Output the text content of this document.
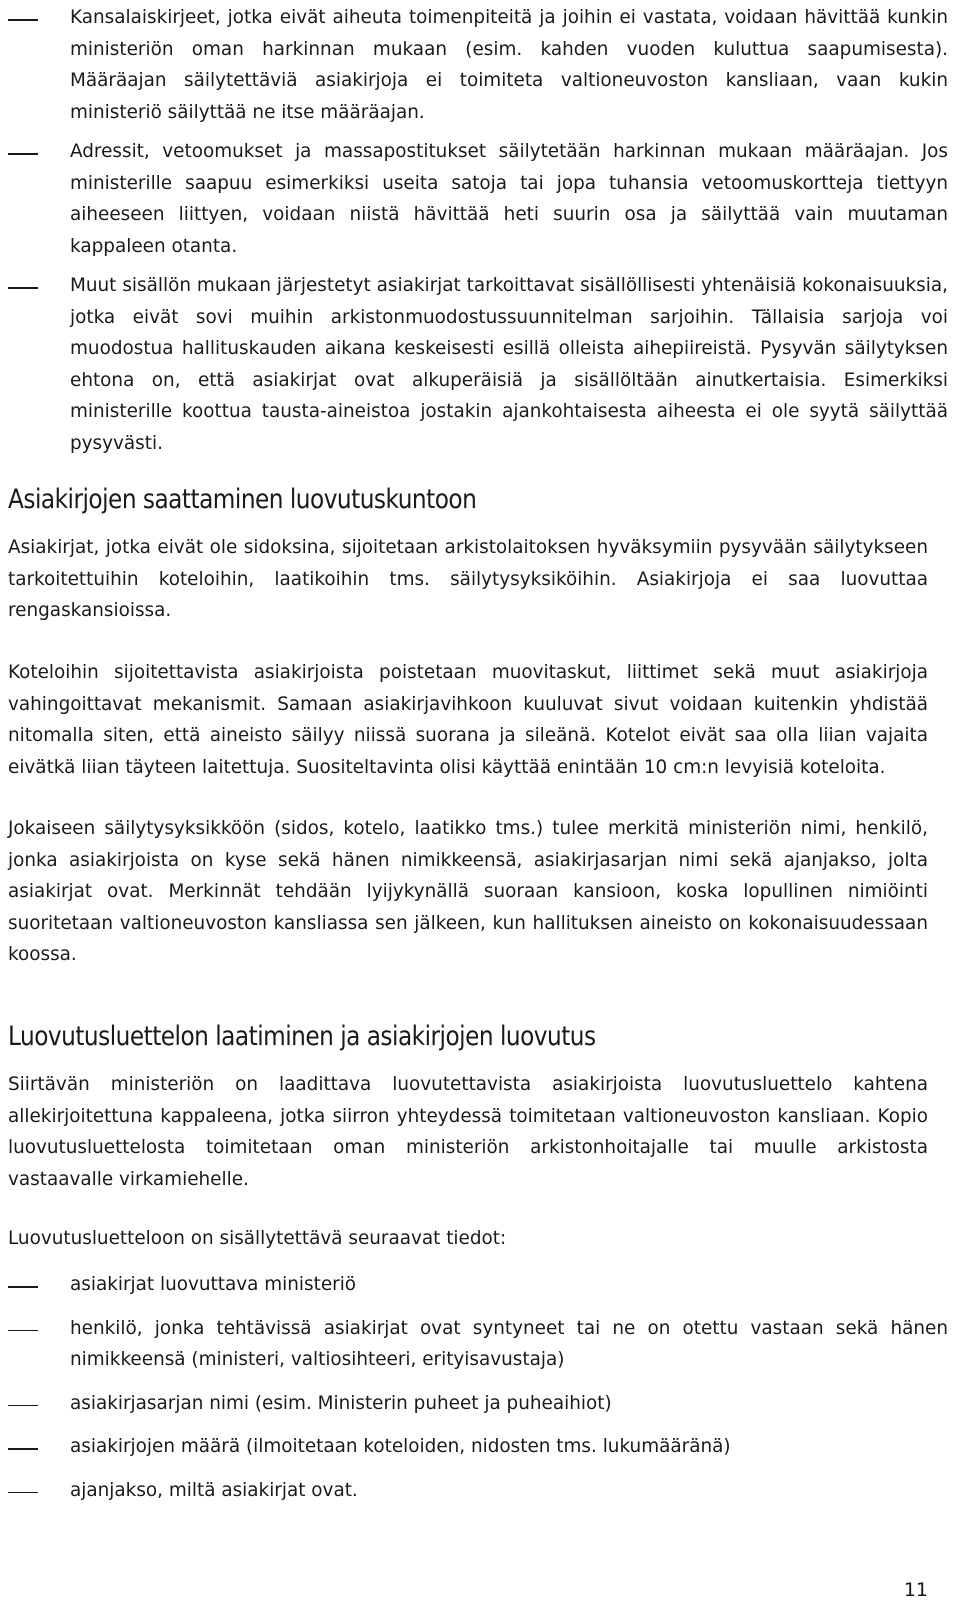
Kansalaiskirjeet, jotka eivät aiheuta toimenpiteitä ja joihin ei vastata, voidaan hävittää kunkin ministeriön oman harkinnan mukaan (esim. kahden vuoden kuluttua saapumisesta). Määräajan säilytettäviä asiakirjoja ei toimiteta valtioneuvoston kansliaan, vaan kukin ministeriö säilyttää ne itse määräajan.
Adressit, vetoomukset ja massapostitukset säilytetään harkinnan mukaan määräajan. Jos ministerille saapuu esimerkiksi useita satoja tai jopa tuhansia vetoomuskortteja tiettyyn aiheeseen liittyen, voidaan niistä hävittää heti suurin osa ja säilyttää vain muutaman kappaleen otanta.
Muut sisällön mukaan järjestetyt asiakirjat tarkoittavat sisällöllisesti yhtenäisiä kokonaisuuksia, jotka eivät sovi muihin arkistonmuodostussuunnitelman sarjoihin. Tällaisia sarjoja voi muodostua hallituskauden aikana keskeisesti esillä olleista aihepiireistä. Pysyvän säilytyksen ehtona on, että asiakirjat ovat alkuperäisiä ja sisällöltään ainutkertaisia. Esimerkiksi ministerille koottua tausta-aineistoa jostakin ajankohtaisesta aiheesta ei ole syytä säilyttää pysyvästi.
Asiakirjojen saattaminen luovutuskuntoon

Asiakirjat, jotka eivät ole sidoksina, sijoitetaan arkistolaitoksen hyväksymiin pysyvään säilytykseen tarkoitettuihin koteloihin, laatikoihin tms. säilytysyksiköihin. Asiakirjoja ei saa luovuttaa rengaskansioissa.

Koteloihin sijoitettavista asiakirjoista poistetaan muovitaskut, liittimet sekä muut asiakirjoja vahingoittavat mekanismit. Samaan asiakirjavihkoon kuuluvat sivut voidaan kuitenkin yhdistää nitomalla siten, että aineisto säilyy niissä suorana ja sileänä. Kotelot eivät saa olla liian vajaita eivätkä liian täyteen laitettuja. Suositeltavinta olisi käyttää enintään 10 cm:n levyisiä koteloita.

Jokaiseen säilytysyksikköön (sidos, kotelo, laatikko tms.) tulee merkitä ministeriön nimi, henkilö, jonka asiakirjoista on kyse sekä hänen nimikkeensä, asiakirjasarjan nimi sekä ajanjakso, jolta asiakirjat ovat. Merkinnät tehdään lyijykynällä suoraan kansioon, koska lopullinen nimiöinti suoritetaan valtioneuvoston kansliassa sen jälkeen, kun hallituksen aineisto on kokonaisuudessaan koossa.

Luovutusluettelon laatiminen ja asiakirjojen luovutus

Siirtävän ministeriön on laadittava luovutettavista asiakirjoista luovutusluettelo kahtena allekirjoitettuna kappaleena, jotka siirron yhteydessä toimitetaan valtioneuvoston kansliaan. Kopio luovutusluettelosta toimitetaan oman ministeriön arkistonhoitajalle tai muulle arkistosta vastaavalle virkamiehelle.

Luovutusluetteloon on sisällytettävä seuraavat tiedot:

asiakirjat luovuttava ministeriö
henkilö, jonka tehtävissä asiakirjat ovat syntyneet tai ne on otettu vastaan sekä hänen nimikkeensä (ministeri, valtiosihteeri, erityisavustaja)
asiakirjasarjan nimi (esim. Ministerin puheet ja puheaihiot)
asiakirjojen määrä (ilmoitetaan koteloiden, nidosten tms. lukumääränä)
ajanjakso, miltä asiakirjat ovat.
11
